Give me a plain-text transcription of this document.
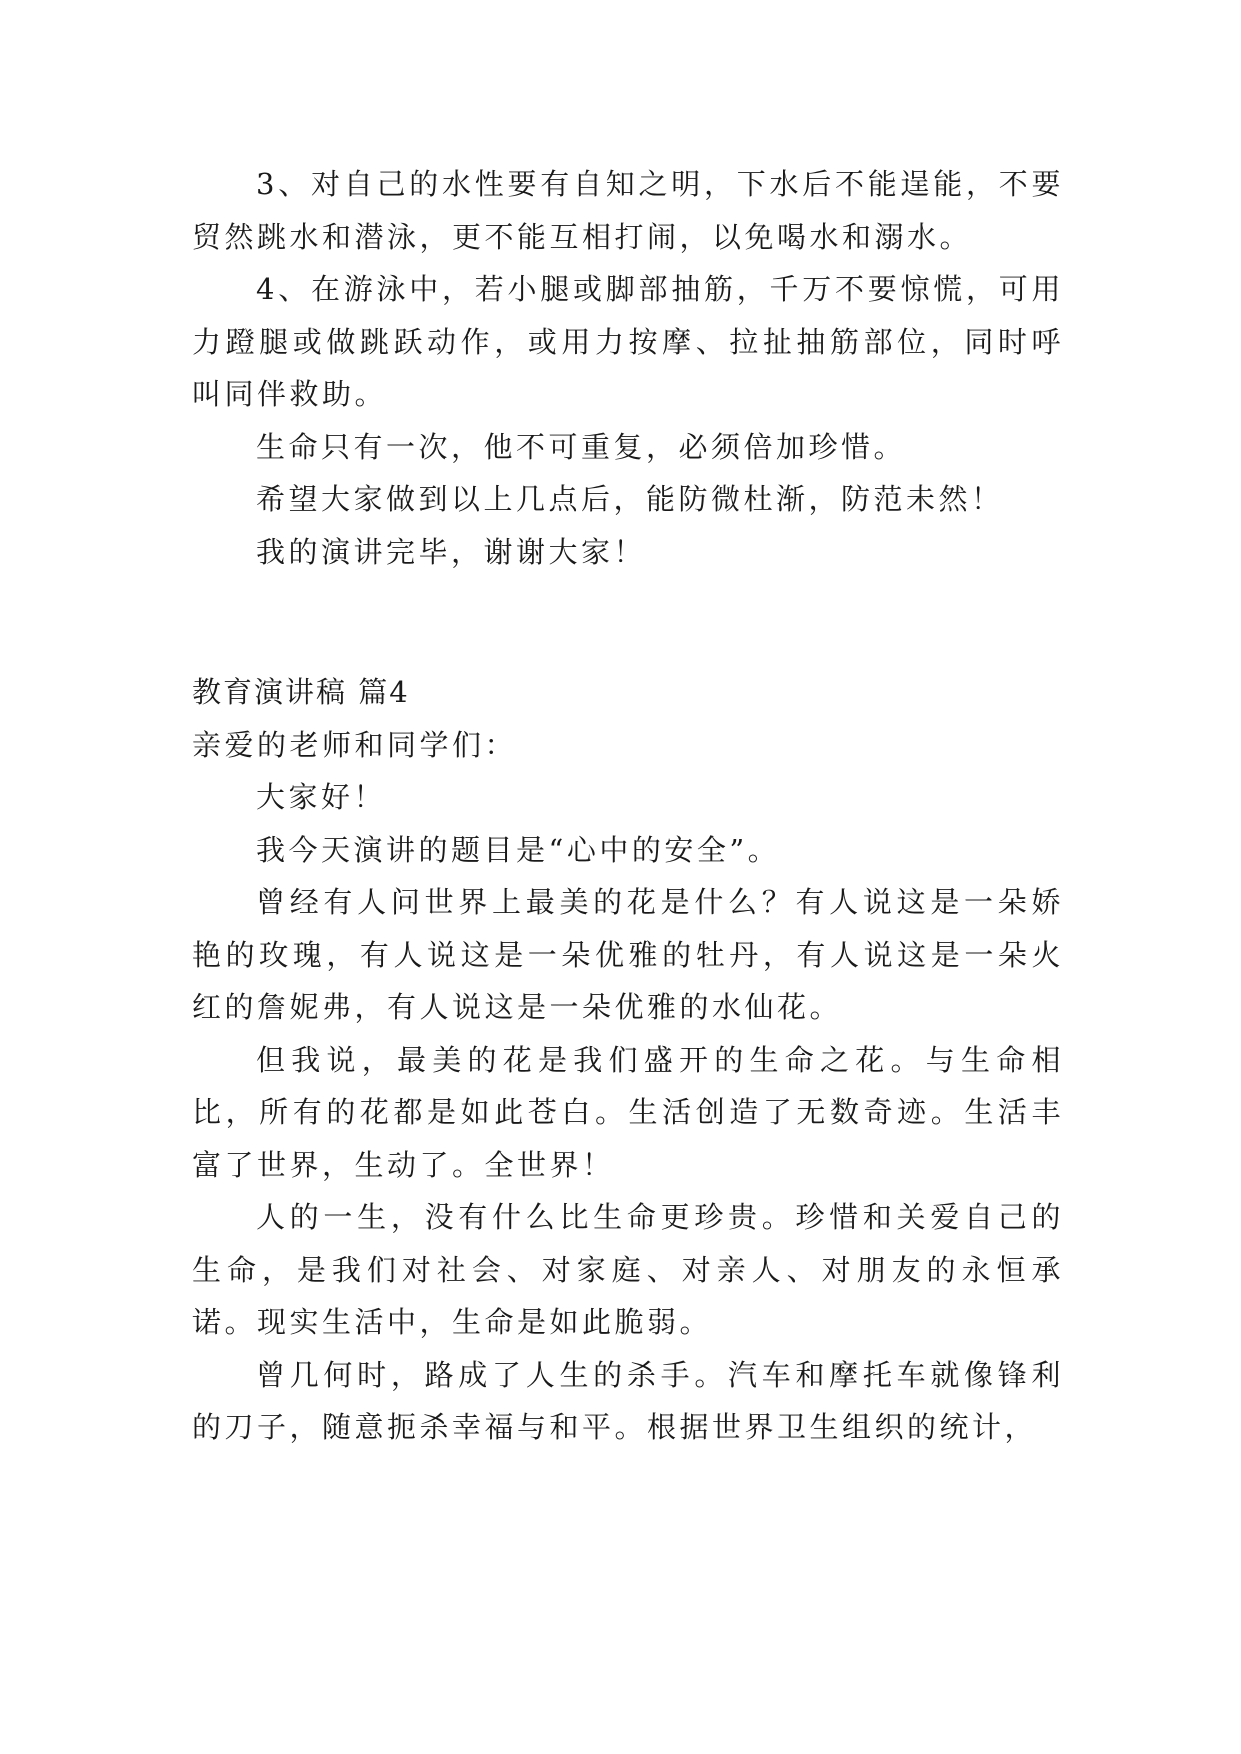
3、对自己的水性要有自知之明，下水后不能逞能，不要贸然跳水和潜泳，更不能互相打闹，以免喝水和溺水。

4、在游泳中，若小腿或脚部抽筋，千万不要惊慌，可用力蹬腿或做跳跃动作，或用力按摩、拉扯抽筋部位，同时呼叫同伴救助。

生命只有一次，他不可重复，必须倍加珍惜。

希望大家做到以上几点后，能防微杜渐，防范未然！

我的演讲完毕，谢谢大家！

教育演讲稿 篇4

亲爱的老师和同学们：

大家好！

我今天演讲的题目是“心中的安全”。

曾经有人问世界上最美的花是什么？有人说这是一朵娇艳的玫瑰，有人说这是一朵优雅的牡丹，有人说这是一朵火红的詹妮弗，有人说这是一朵优雅的水仙花。

但我说，最美的花是我们盛开的生命之花。与生命相比，所有的花都是如此苍白。生活创造了无数奇迹。生活丰富了世界，生动了。全世界！

人的一生，没有什么比生命更珍贵。珍惜和关爱自己的生命，是我们对社会、对家庭、对亲人、对朋友的永恒承诺。现实生活中，生命是如此脆弱。

曾几何时，路成了人生的杀手。汽车和摩托车就像锋利的刀子，随意扼杀幸福与和平。根据世界卫生组织的统计，
